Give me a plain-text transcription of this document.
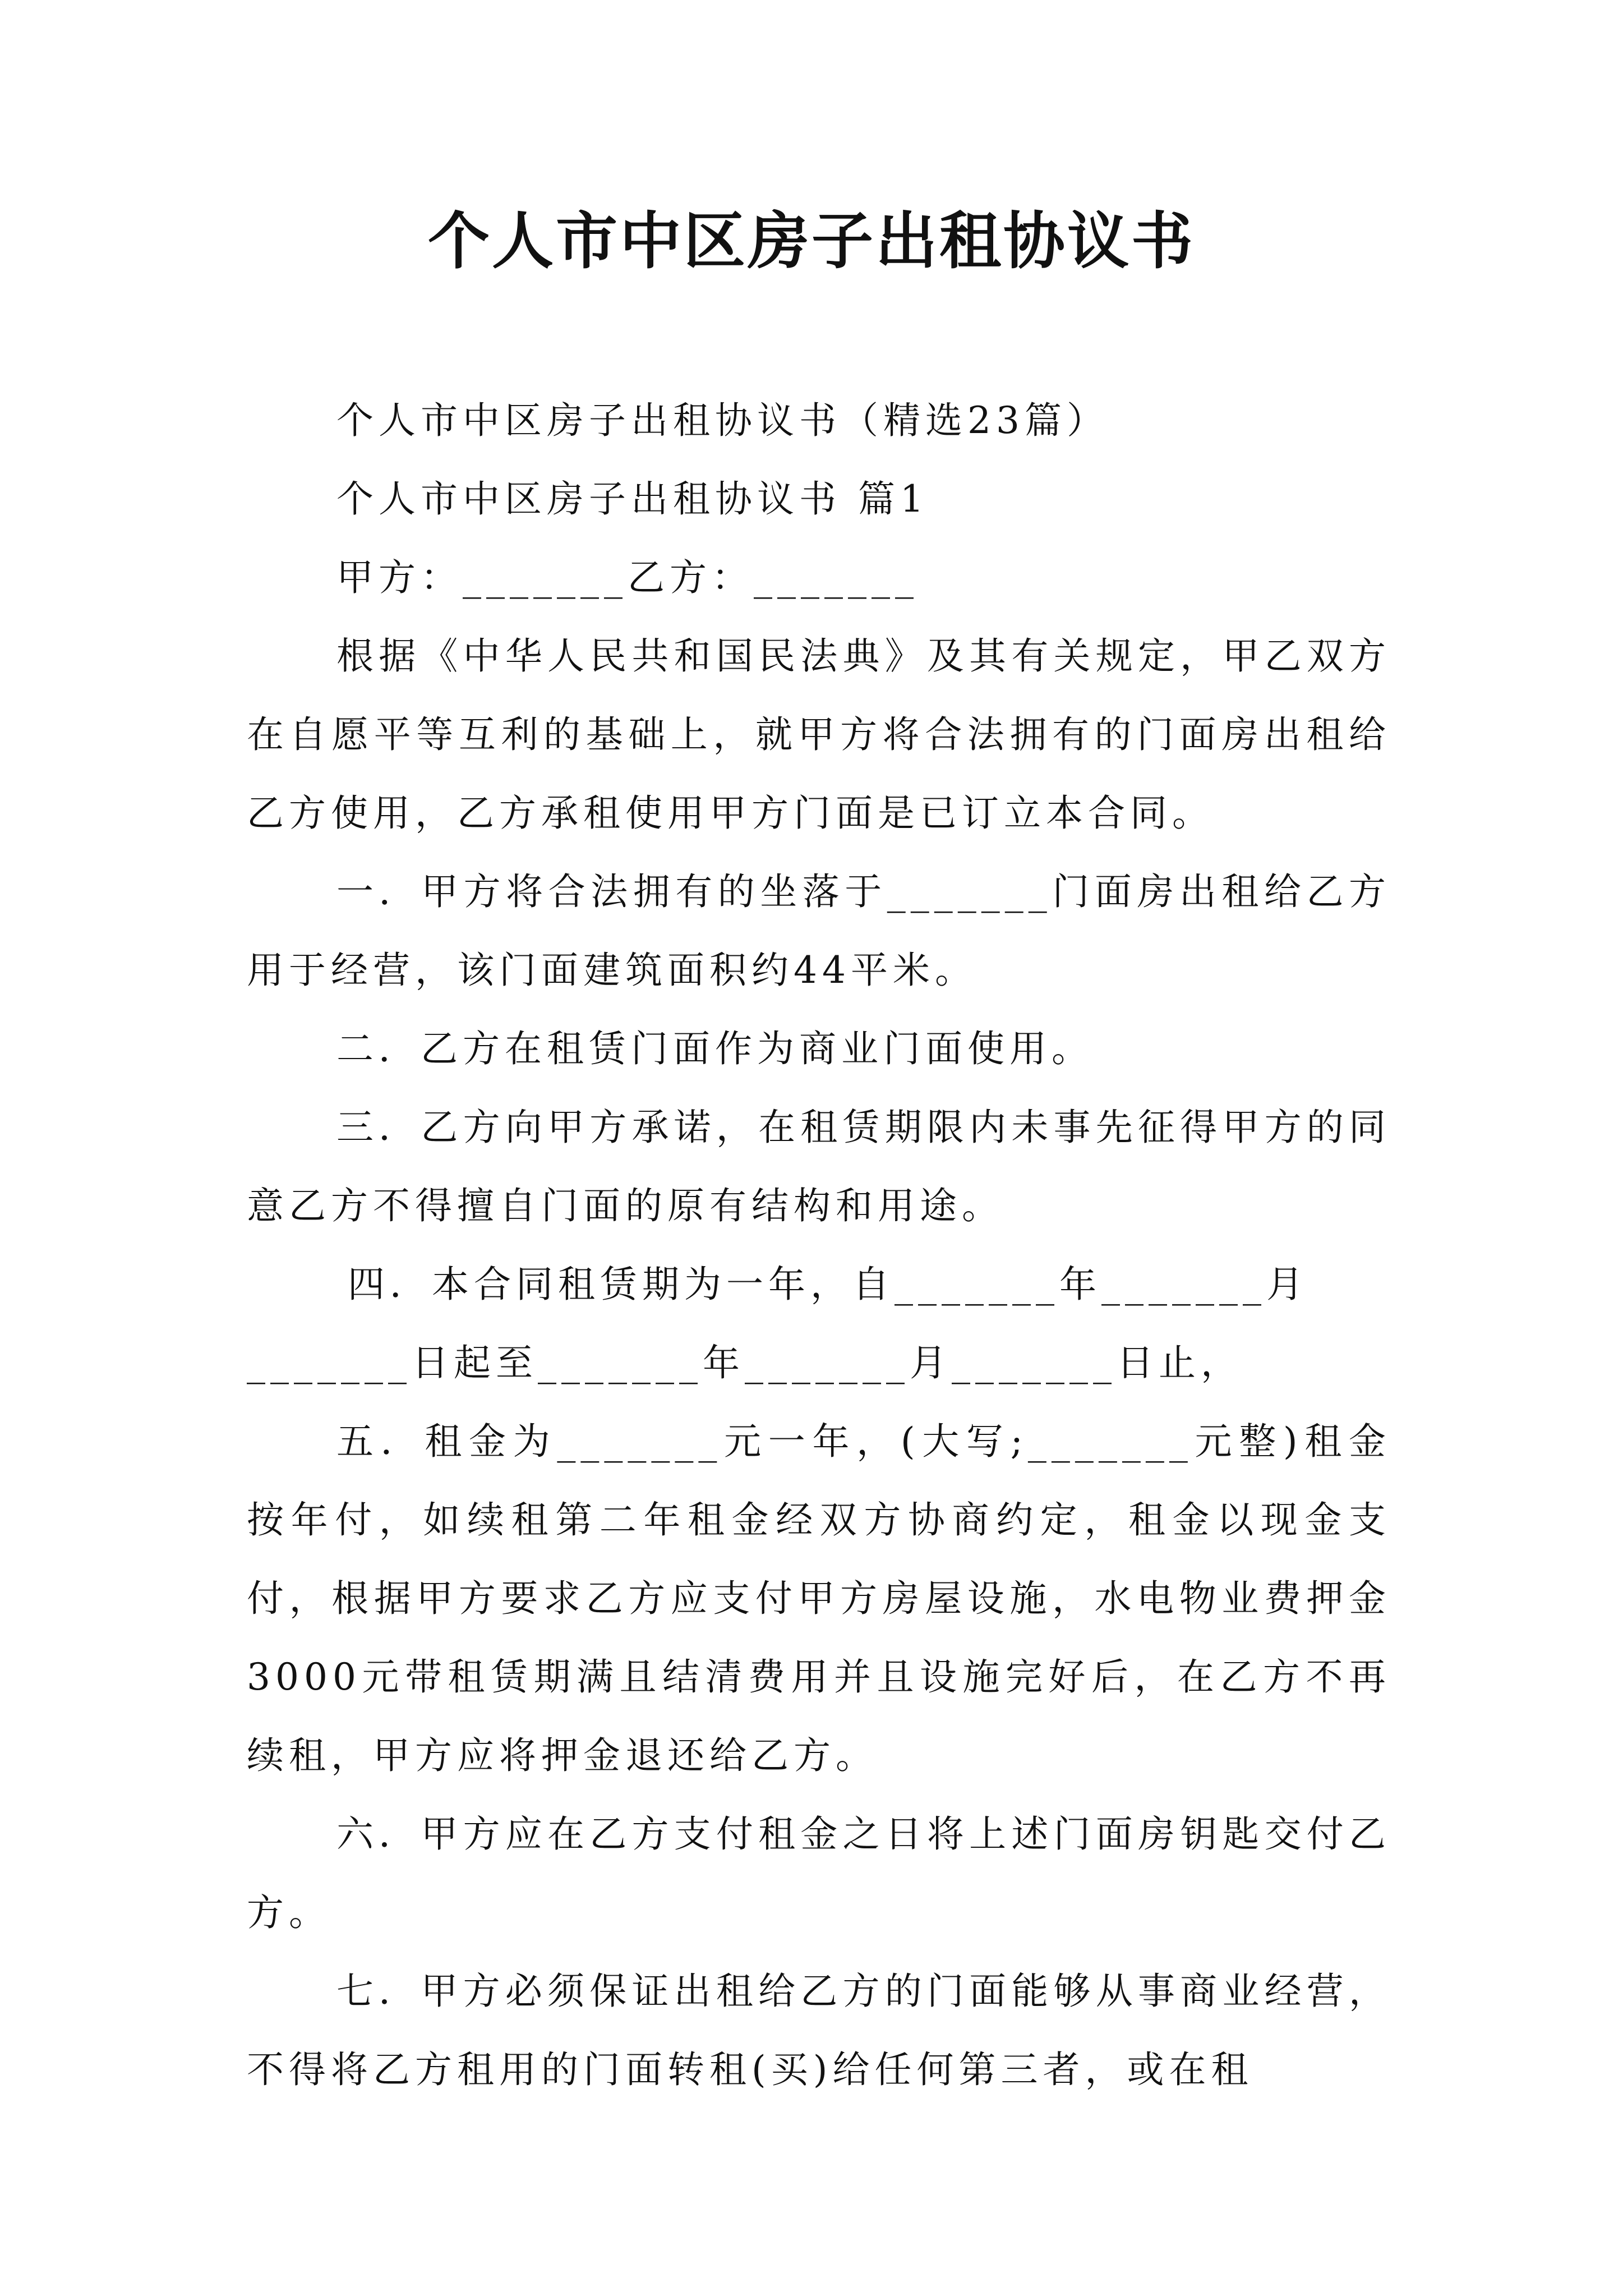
个人市中区房子出租协议书

个人市中区房子出租协议书（精选23篇）

个人市中区房子出租协议书 篇1

甲方：_______乙方：_______

根据《中华人民共和国民法典》及其有关规定，甲乙双方在自愿平等互利的基础上，就甲方将合法拥有的门面房出租给乙方使用，乙方承租使用甲方门面是已订立本合同。

一．甲方将合法拥有的坐落于_______门面房出租给乙方用于经营，该门面建筑面积约44平米。

二．乙方在租赁门面作为商业门面使用。

三．乙方向甲方承诺，在租赁期限内未事先征得甲方的同意乙方不得擅自门面的原有结构和用途。

四．本合同租赁期为一年，自_______年_______月

_______日起至_______年_______月_______日止，

五．租金为_______元一年，(大写;_______元整)租金按年付，如续租第二年租金经双方协商约定，租金以现金支付，根据甲方要求乙方应支付甲方房屋设施，水电物业费押金3000元带租赁期满且结清费用并且设施完好后，在乙方不再续租，甲方应将押金退还给乙方。

六．甲方应在乙方支付租金之日将上述门面房钥匙交付乙方。

七．甲方必须保证出租给乙方的门面能够从事商业经营，不得将乙方租用的门面转租(买)给任何第三者，或在租
